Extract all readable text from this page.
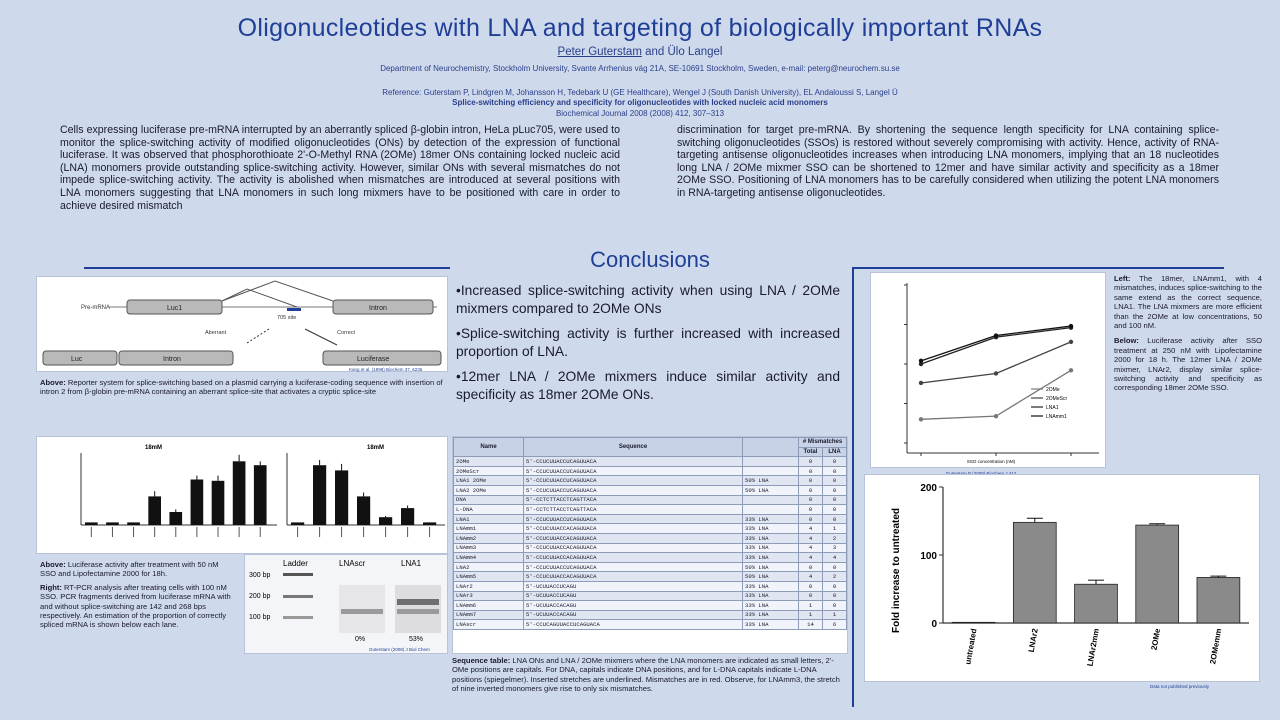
Oligonucleotides with LNA and targeting of biologically important RNAs
Peter Guterstam and Ülo Langel
Department of Neurochemistry, Stockholm University, Svante Arrhenius väg 21A, SE-10691 Stockholm, Sweden, e-mail: peterg@neurochem.su.se
Reference: Guterstam P, Lindgren M, Johansson H, Tedebark U (GE Healthcare), Wengel J (South Danish University), EL Andaloussi S, Langel Ü
Splice-switching efficiency and specificity for oligonucleotides with locked nucleic acid monomers
Biochemical Journal 2008 (2008) 412, 307–313
Cells expressing luciferase pre-mRNA interrupted by an aberrantly spliced β-globin intron, HeLa pLuc705, were used to monitor the splice-switching activity of modified oligonucleotides (ONs) by detection of the expression of functional luciferase. It was observed that phosphorothioate 2'-O-Methyl RNA (2OMe) 18mer ONs containing locked nucleic acid (LNA) monomers provide outstanding splice-switching activity. However, similar ONs with several mismatches do not impede splice-switching activity. The activity is abolished when mismatches are introduced at several positions with LNA monomers suggesting that LNA monomers in such long mixmers have to be positioned with care in order to achieve desired mismatch
discrimination for target pre-mRNA. By shortening the sequence length specificity for LNA containing splice-switching oligonucleotides (SSOs) is restored without severely compromising with activity. Hence, activity of RNA-targeting antisense oligonucleotides increases when introducing LNA monomers, implying that an 18 nucleotides long LNA / 2OMe mixmer SSO can be shortened to 12mer and have similar activity and specificity as a 18mer 2OMe SSO. Positioning of LNA monomers has to be carefully considered when utilizing the potent LNA monomers in RNA-targeting antisense oligonucleotides.
Conclusions
•Increased splice-switching activity when using LNA / 2OMe mixmers compared to 2OMe ONs
•Splice-switching activity is further increased with increased proportion of LNA.
•12mer LNA / 2OMe mixmers induce similar activity and specificity as 18mer 2OMe ONs.
Pre-mRNA	Luc1	Intron
705 site
Aberrant	Correct
Luc	Intron	Luciferase
Kang et al. (1998) Biochem 37, 6235
Above: Reporter system for splice-switching based on a plasmid carrying a luciferase-coding sequence with insertion of intron 2 from β-globin pre-mRNA containing an aberrant splice-site that activates a cryptic splice-site
18mM	18mM

Above: Luciferase activity after treatment with 50 nM SSO and Lipofectamine 2000 for 18h.

Right: RT-PCR analysis after treating cells with 100 nM SSO. PCR fragments derived from luciferase mRNA with and without splice-switching are 142 and 268 bps respectively. An estimation of the proportion of correctly spliced mRNA is shown below each lane.

Ladder	LNAscr	LNA1
300 bp
200 bp
100 bp
0%	53%
Guterstam (2008) J Biol Chem
Name	Sequence		# Mismatches	
			Total	LNA
2OMe	5'-CCUCUUACCUCAGUUACA		0	0
2OMeScr	5'-CCUCUUACCUCAGUUACA		0	0
LNA1 2OMe	5'-CCUCUUACCUCAGUUACA	50% LNA	0	0
LNA2 2OMe	5'-CCUCUUACCUCAGUUACA	50% LNA	0	0
DNA	5'-CCTCTTACCTCAGTTACA		0	0
L-DNA	5'-CCTCTTACCTCAGTTACA		0	0
LNA1	5'-CCUCUUACCUCAGUUACA	33% LNA	0	0
LNAmm1	5'-CCUCUUACCACAGUUACA	33% LNA	4	1
LNAmm2	5'-CCUCUUACCACAGUUACA	33% LNA	4	2
LNAmm3	5'-CCUCUUACCACAGUUACA	33% LNA	4	3
LNAmm4	5'-CCUCUUACCACAGUUACA	33% LNA	4	4
LNA2	5'-CCUCUUACCUCAGUUACA	50% LNA	0	0
LNAmm5	5'-CCUCUUACCACAGUUACA	50% LNA	4	2
LNAr2	5'-UCUUACCUCAGU	33% LNA	0	0
LNAr3	5'-UCUUACCUCAGU	33% LNA	0	0
LNAmm6	5'-UCUUACCACAGU	33% LNA	1	0
LNAmm7	5'-UCUUACCACAGU	33% LNA	1	1
LNAscr	5'-CCUCAGUUACCUCAGUACA	33% LNA	14	6
Sequence table: LNA ONs and LNA / 2OMe mixmers where the LNA monomers are indicated as small letters, 2'-OMe positions are capitals. For DNA, capitals indicate DNA positions, and for L-DNA capitals indicate L-DNA positions (spiegelmer). Inserted stretches are underlined. Mismatches are in red. Observe, for LNAmm3, the stretch of nine inverted monomers give rise to only six mismatches.
2OMe
2OMeScr
LNA1
LNAmm1
SSO concentration (nM)

Left: The 18mer, LNAmm1, with 4 mismatches, induces splice-switching to the same extend as the correct sequence, LNA1. The LNA mixmers are more efficient than the 2OMe at low concentrations, 50 and 100 nM.

Below: Luciferase activity after SSO treatment at 250 nM with Lipofectamine 2000 for 18 h. The 12mer LNA / 2OMe mixmer, LNAr2, display similar splice-switching activity and specificity as corresponding 18mer 2OMe SSO.

Fold increase to untreated	0
100
200
untreated	LNAr2	LNAr2mm	2OMe	2OMemm
Data not published previously
